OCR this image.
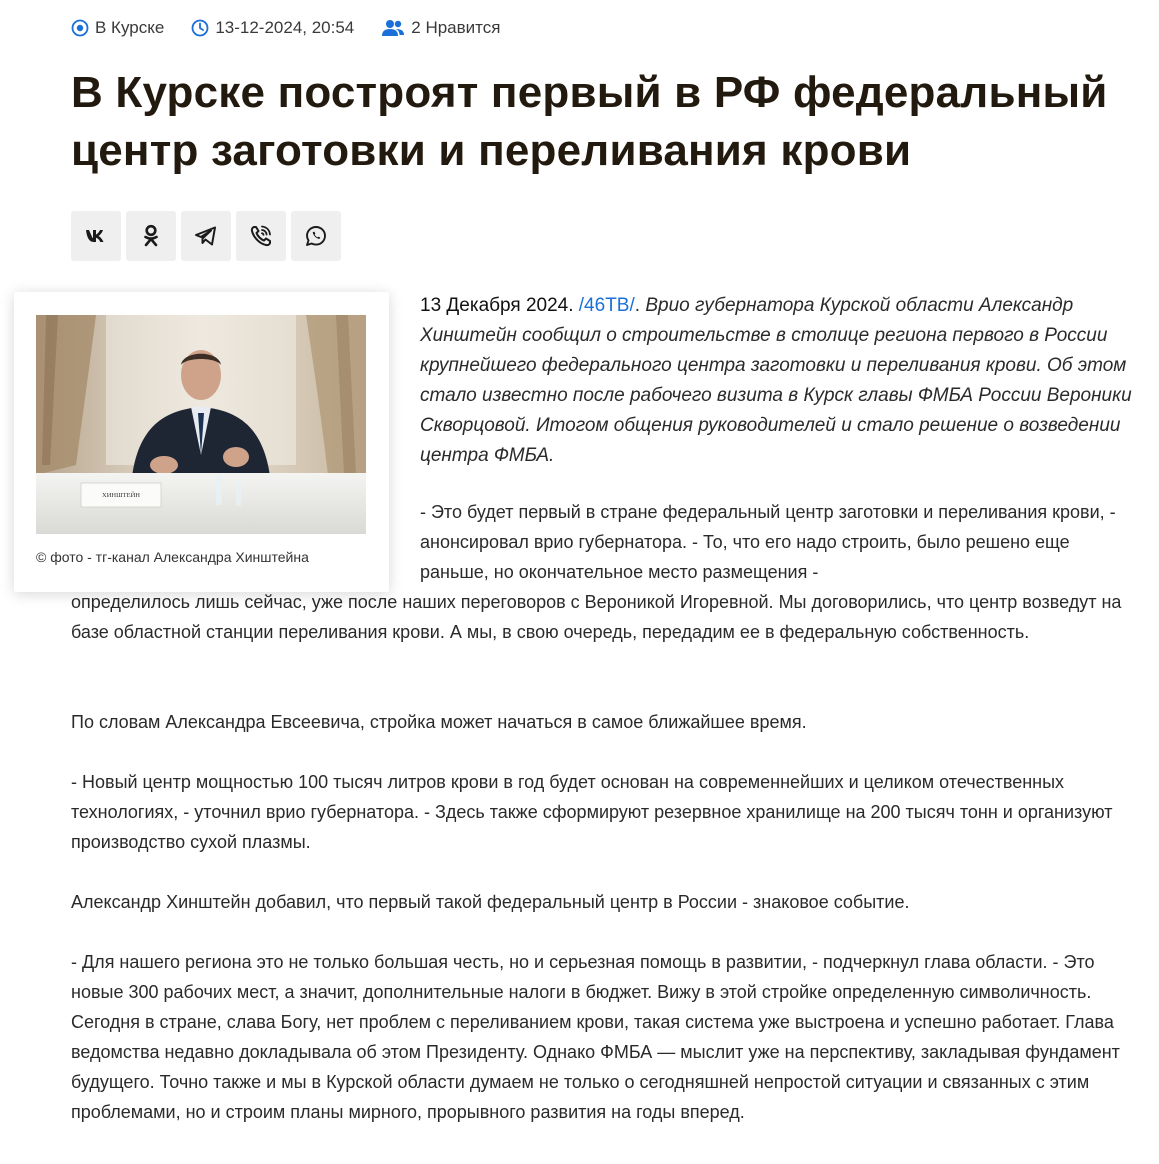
В Курске	13-12-2024, 20:54	2 Нравится
В Курске построят первый в РФ федеральный центр заготовки и переливания крови
ХИНШТЕЙН
© фото - тг-канал Александра Хинштейна

13 Декабря 2024. /46TB/. Врио губернатора Курской области Александр Хинштейн сообщил о строительстве в столице региона первого в России крупнейшего федерального центра заготовки и переливания крови. Об этом стало известно после рабочего визита в Курск главы ФМБА России Вероники Скворцовой. Итогом общения руководителей и стало решение о возведении центра ФМБА.

- Это будет первый в стране федеральный центр заготовки и переливания крови, - анонсировал врио губернатора. - То, что его надо строить, было решено еще раньше, но окончательное место размещения -

определилось лишь сейчас, уже после наших переговоров с Вероникой Игоревной. Мы договорились, что центр возведут на базе областной станции переливания крови. А мы, в свою очередь, передадим ее в федеральную собственность.

По словам Александра Евсеевича, стройка может начаться в самое ближайшее время.

- Новый центр мощностью 100 тысяч литров крови в год будет основан на современнейших и целиком отечественных технологиях, - уточнил врио губернатора. - Здесь также сформируют резервное хранилище на 200 тысяч тонн и организуют производство сухой плазмы.

Александр Хинштейн добавил, что первый такой федеральный центр в России - знаковое событие.

- Для нашего региона это не только большая честь, но и серьезная помощь в развитии, - подчеркнул глава области. - Это новые 300 рабочих мест, а значит, дополнительные налоги в бюджет. Вижу в этой стройке определенную символичность. Сегодня в стране, слава Богу, нет проблем с переливанием крови, такая система уже выстроена и успешно работает. Глава ведомства недавно докладывала об этом Президенту. Однако ФМБА — мыслит уже на перспективу, закладывая фундамент будущего. Точно также и мы в Курской области думаем не только о сегодняшней непростой ситуации и связанных с этим проблемами, но и строим планы мирного, прорывного развития на годы вперед.
